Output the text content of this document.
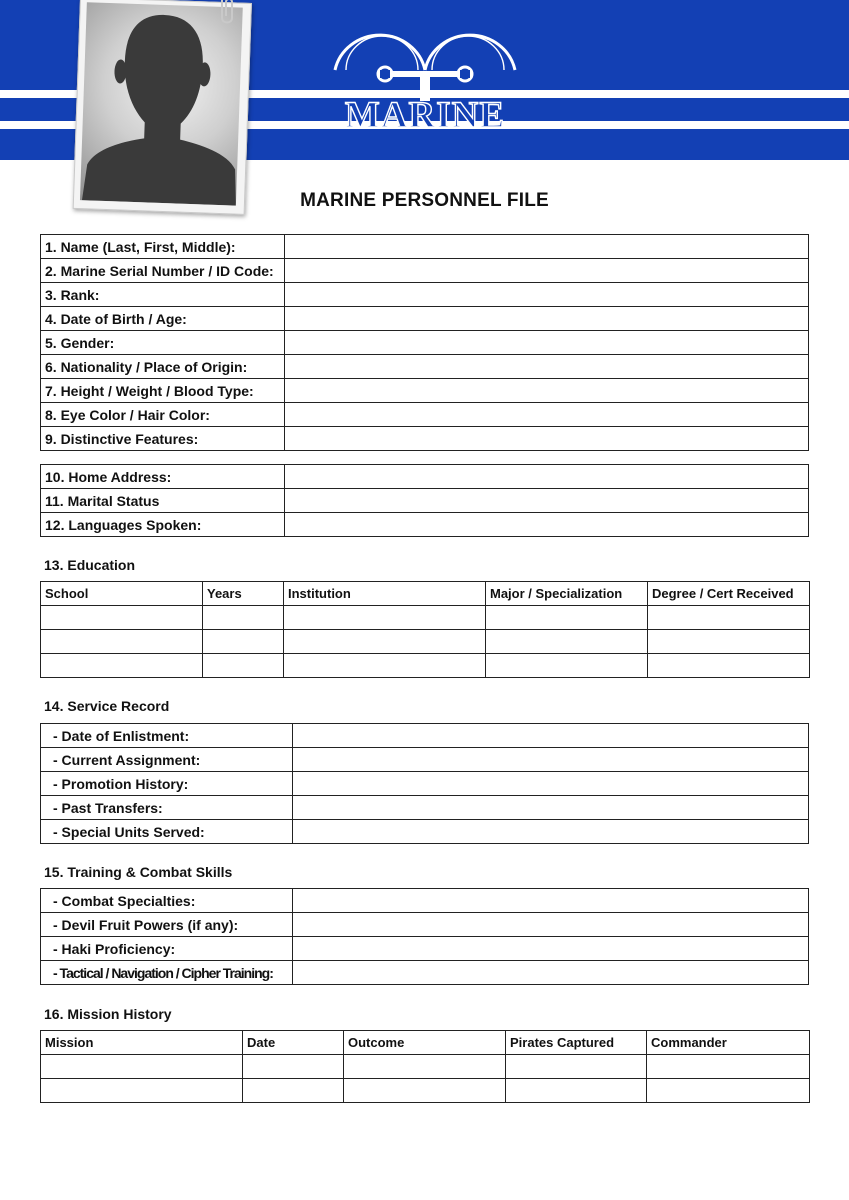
MARINE
MARINE PERSONNEL FILE
1. Name (Last, First, Middle):	
2. Marine Serial Number / ID Code:	
3. Rank:	
4. Date of Birth / Age:	
5. Gender:	
6. Nationality / Place of Origin:	
7. Height / Weight / Blood Type:	
8. Eye Color / Hair Color:	
9. Distinctive Features:	
10. Home Address:	
11. Marital Status	
12. Languages Spoken:	
13. Education
School	Years	Institution	Major / Specialization	Degree / Cert Received

14. Service Record
- Date of Enlistment:	
- Current Assignment:	
- Promotion History:	
- Past Transfers:	
- Special Units Served:	
15. Training & Combat Skills
- Combat Specialties:	
- Devil Fruit Powers (if any):	
- Haki Proficiency:	
- Tactical / Navigation / Cipher Training:	
16. Mission History
Mission	Date	Outcome	Pirates Captured	Commander
